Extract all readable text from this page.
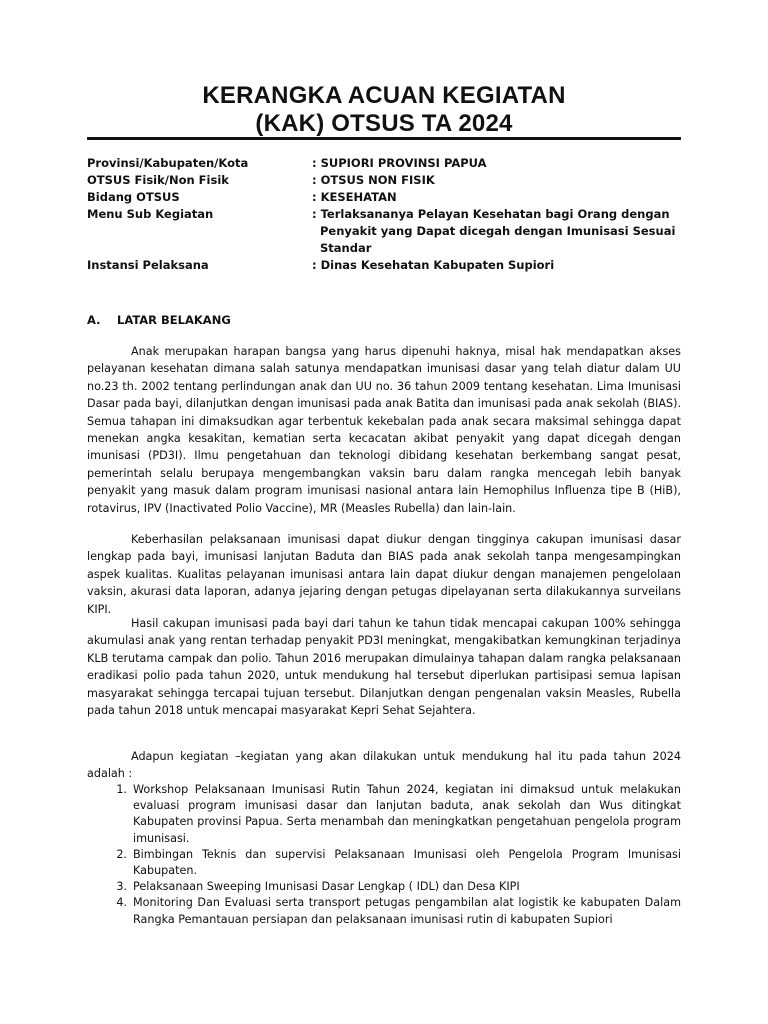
KERANGKA ACUAN KEGIATAN
(KAK) OTSUS TA 2024
Provinsi/Kabupaten/Kota	: SUPIORI PROVINSI PAPUA
OTSUS Fisik/Non Fisik	: OTSUS NON FISIK
Bidang OTSUS	: KESEHATAN
Menu Sub Kegiatan	: Terlaksananya Pelayan Kesehatan bagi Orang dengan Penyakit yang Dapat dicegah dengan Imunisasi Sesuai Standar
Instansi Pelaksana	: Dinas Kesehatan Kabupaten Supiori
A. LATAR BELAKANG

Anak merupakan harapan bangsa yang harus dipenuhi haknya, misal hak mendapatkan akses pelayanan kesehatan dimana salah satunya mendapatkan imunisasi dasar yang telah diatur dalam UU no.23 th. 2002 tentang perlindungan anak dan UU no. 36 tahun 2009 tentang kesehatan. Lima Imunisasi Dasar pada bayi, dilanjutkan dengan imunisasi pada anak Batita dan imunisasi pada anak sekolah (BIAS). Semua tahapan ini dimaksudkan agar terbentuk kekebalan pada anak secara maksimal sehingga dapat menekan angka kesakitan, kematian serta kecacatan akibat penyakit yang dapat dicegah dengan imunisasi (PD3I). Ilmu pengetahuan dan teknologi dibidang kesehatan berkembang sangat pesat, pemerintah selalu berupaya mengembangkan vaksin baru dalam rangka mencegah lebih banyak penyakit yang masuk dalam program imunisasi nasional antara lain Hemophilus Influenza tipe B (HiB), rotavirus, IPV (Inactivated Polio Vaccine), MR (Measles Rubella) dan lain-lain.

Keberhasilan pelaksanaan imunisasi dapat diukur dengan tingginya cakupan imunisasi dasar lengkap pada bayi, imunisasi lanjutan Baduta dan BIAS pada anak sekolah tanpa mengesampingkan aspek kualitas. Kualitas pelayanan imunisasi antara lain dapat diukur dengan manajemen pengelolaan vaksin, akurasi data laporan, adanya jejaring dengan petugas dipelayanan serta dilakukannya surveilans KIPI.

Hasil cakupan imunisasi pada bayi dari tahun ke tahun tidak mencapai cakupan 100% sehingga akumulasi anak yang rentan terhadap penyakit PD3I meningkat, mengakibatkan kemungkinan terjadinya KLB terutama campak dan polio. Tahun 2016 merupakan dimulainya tahapan dalam rangka pelaksanaan eradikasi polio pada tahun 2020, untuk mendukung hal tersebut diperlukan partisipasi semua lapisan masyarakat sehingga tercapai tujuan tersebut. Dilanjutkan dengan pengenalan vaksin Measles, Rubella pada tahun 2018 untuk mencapai masyarakat Kepri Sehat Sejahtera.

Adapun kegiatan –kegiatan yang akan dilakukan untuk mendukung hal itu pada tahun 2024 adalah :

1. Workshop Pelaksanaan Imunisasi Rutin Tahun 2024, kegiatan ini dimaksud untuk melakukan evaluasi program imunisasi dasar dan lanjutan baduta, anak sekolah dan Wus ditingkat Kabupaten provinsi Papua. Serta menambah dan meningkatkan pengetahuan pengelola program imunisasi.
2. Bimbingan Teknis dan supervisi Pelaksanaan Imunisasi oleh Pengelola Program Imunisasi Kabupaten.
3. Pelaksanaan Sweeping Imunisasi Dasar Lengkap ( IDL) dan Desa KIPI
4. Monitoring Dan Evaluasi serta transport petugas pengambilan alat logistik ke kabupaten Dalam Rangka Pemantauan persiapan dan pelaksanaan imunisasi rutin di kabupaten Supiori
